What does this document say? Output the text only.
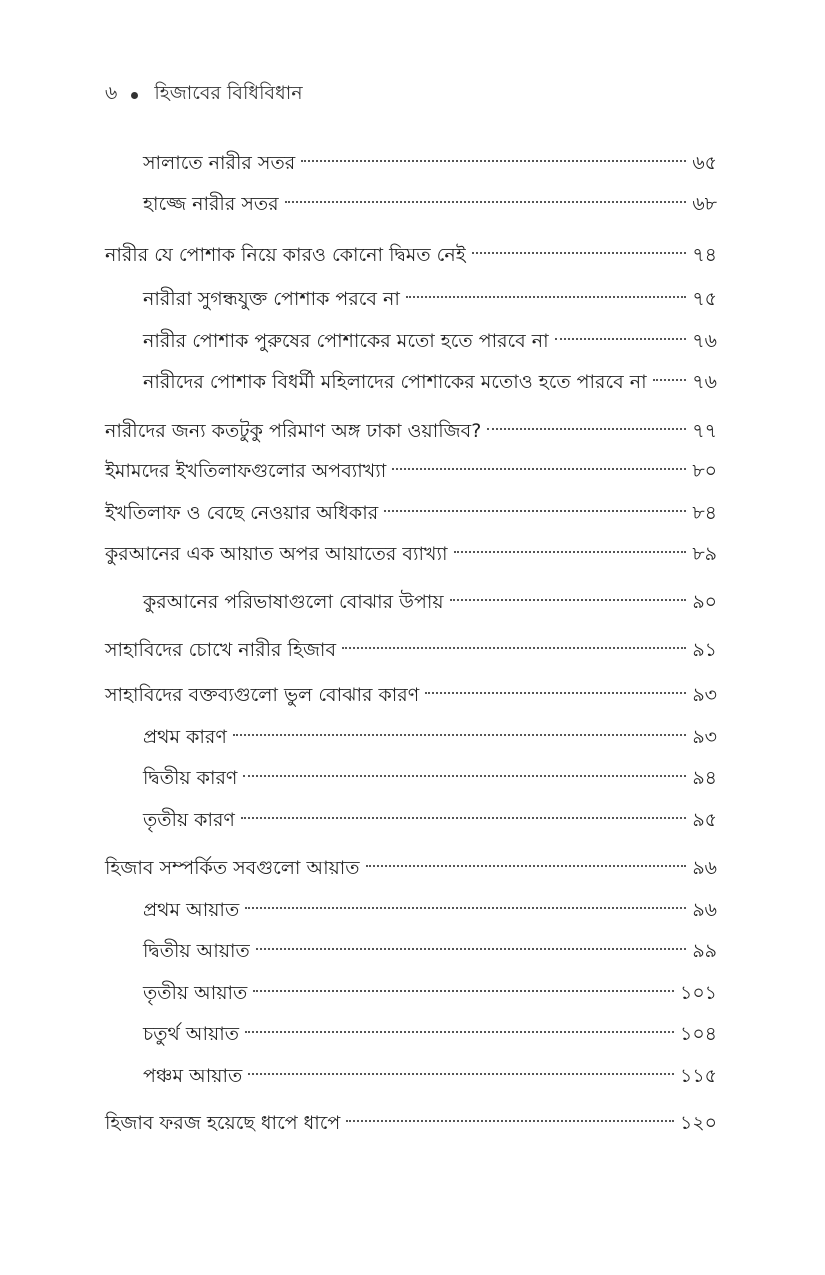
৬ হিজাবের বিধিবিধান
সালাতে নারীর সতর	৬৫
হাজ্জে নারীর সতর	৬৮
নারীর যে পোশাক নিয়ে কারও কোনো দ্বিমত নেই	৭৪
নারীরা সুগন্ধযুক্ত পোশাক পরবে না	৭৫
নারীর পোশাক পুরুষের পোশাকের মতো হতে পারবে না	৭৬
নারীদের পোশাক বিধর্মী মহিলাদের পোশাকের মতোও হতে পারবে না ৭৬
নারীদের জন্য কতটুকু পরিমাণ অঙ্গ ঢাকা ওয়াজিব?	৭৭
ইমামদের ইখতিলাফগুলোর অপব্যাখ্যা	৮০
ইখতিলাফ ও বেছে নেওয়ার অধিকার	৮৪
কুরআনের এক আয়াত অপর আয়াতের ব্যাখ্যা	৮৯
কুরআনের পরিভাষাগুলো বোঝার উপায়	৯০
সাহাবিদের চোখে নারীর হিজাব	৯১
সাহাবিদের বক্তব্যগুলো ভুল বোঝার কারণ	৯৩
প্রথম কারণ	৯৩
দ্বিতীয় কারণ	৯৪
তৃতীয় কারণ	৯৫
হিজাব সম্পর্কিত সবগুলো আয়াত	৯৬
প্রথম আয়াত	৯৬
দ্বিতীয় আয়াত	৯৯
তৃতীয় আয়াত	১০১
চতুর্থ আয়াত	১০৪
পঞ্চম আয়াত	১১৫
হিজাব ফরজ হয়েছে ধাপে ধাপে	১২০
